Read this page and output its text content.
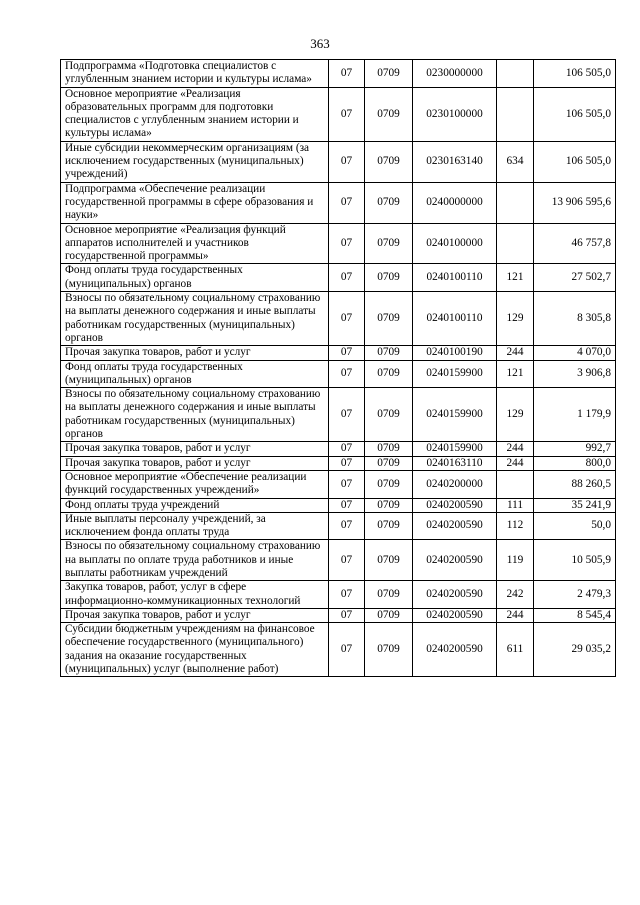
363
Подпрограмма «Подготовка специалистов с углубленным знанием истории и культуры ислама»	07	0709	0230000000		106 505,0
Основное мероприятие «Реализация образовательных программ для подготовки специалистов с углубленным знанием истории и культуры ислама»	07	0709	0230100000		106 505,0
Иные субсидии некоммерческим организациям (за исключением государственных (муниципальных) учреждений)	07	0709	0230163140	634	106 505,0
Подпрограмма «Обеспечение реализации государственной программы в сфере образования и науки»	07	0709	0240000000		13 906 595,6
Основное мероприятие «Реализация функций аппаратов исполнителей и участников государственной программы»	07	0709	0240100000		46 757,8
Фонд оплаты труда государственных (муниципальных) органов	07	0709	0240100110	121	27 502,7
Взносы по обязательному социальному страхованию на выплаты денежного содержания и иные выплаты работникам государственных (муниципальных) органов	07	0709	0240100110	129	8 305,8
Прочая закупка товаров, работ и услуг	07	0709	0240100190	244	4 070,0
Фонд оплаты труда государственных (муниципальных) органов	07	0709	0240159900	121	3 906,8
Взносы по обязательному социальному страхованию на выплаты денежного содержания и иные выплаты работникам государственных (муниципальных) органов	07	0709	0240159900	129	1 179,9
Прочая закупка товаров, работ и услуг	07	0709	0240159900	244	992,7
Прочая закупка товаров, работ и услуг	07	0709	0240163110	244	800,0
Основное мероприятие «Обеспечение реализации функций государственных учреждений»	07	0709	0240200000		88 260,5
Фонд оплаты труда учреждений	07	0709	0240200590	111	35 241,9
Иные выплаты персоналу учреждений, за исключением фонда оплаты труда	07	0709	0240200590	112	50,0
Взносы по обязательному социальному страхованию на выплаты по оплате труда работников и иные выплаты работникам учреждений	07	0709	0240200590	119	10 505,9
Закупка товаров, работ, услуг в сфере информационно-коммуникационных технологий	07	0709	0240200590	242	2 479,3
Прочая закупка товаров, работ и услуг	07	0709	0240200590	244	8 545,4
Субсидии бюджетным учреждениям на финансовое обеспечение государственного (муниципального) задания на оказание государственных (муниципальных) услуг (выполнение работ)	07	0709	0240200590	611	29 035,2
